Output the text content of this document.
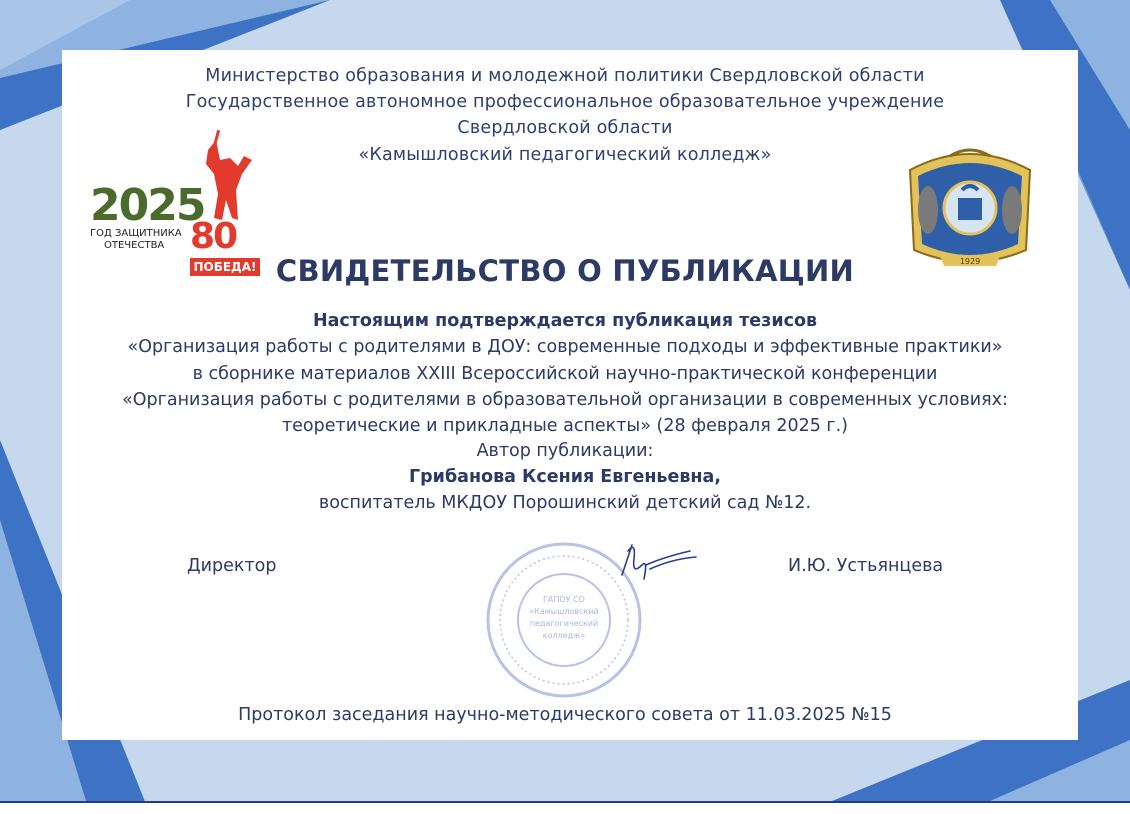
Министерство образования и молодежной политики Свердловской области
Государственное автономное профессиональное образовательное учреждение
Свердловской области
«Камышловский педагогический колледж»
2025
ГОД ЗАЩИТНИКА
ОТЕЧЕСТВА 80
ПОБЕДА!	1929
СВИДЕТЕЛЬСТВО О ПУБЛИКАЦИИ
Настоящим подтверждается публикация тезисов
«Организация работы с родителями в ДОУ: современные подходы и эффективные практики»
в сборнике материалов XXIII Всероссийской научно-практической конференции
«Организация работы с родителями в образовательной организации в современных условиях:
теоретические и прикладные аспекты» (28 февраля 2025 г.)
Автор публикации:
Грибанова Ксения Евгеньевна,
воспитатель МКДОУ Порошинский детский сад №12.
ГАПОУ СО
«Камышловский
педагогический
колледж»
Директор	И.Ю. Устьянцева
Протокол заседания научно-методического совета от 11.03.2025 №15
